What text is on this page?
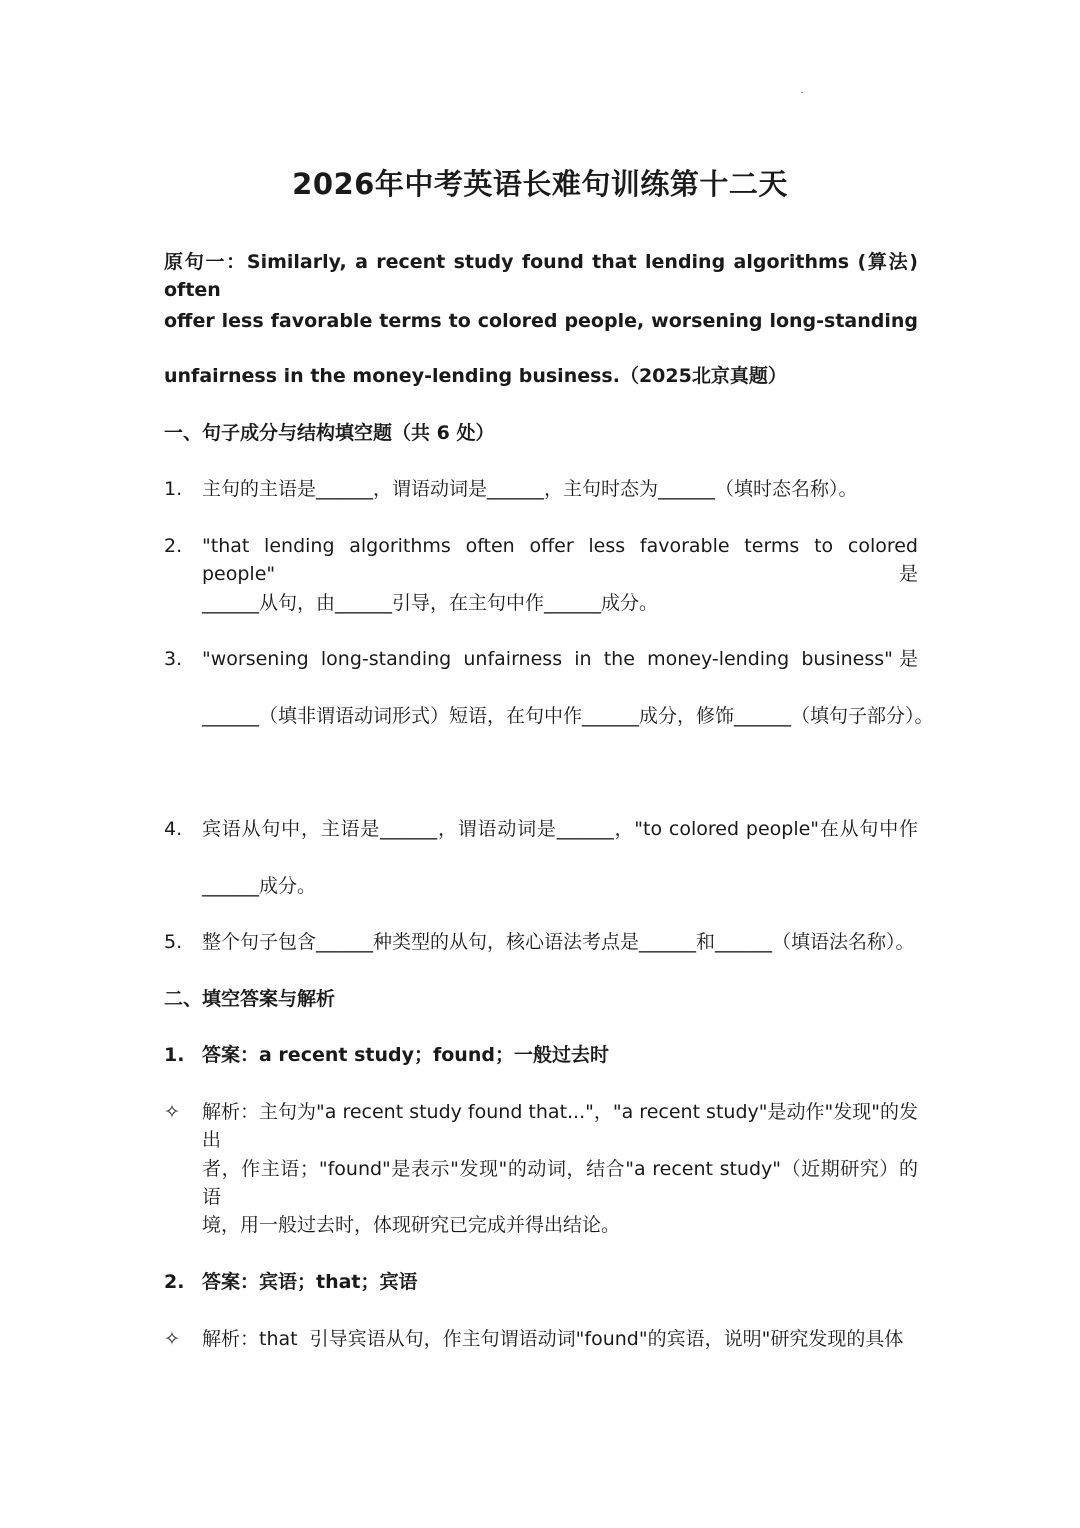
2026年中考英语长难句训练第十二天
原句一：Similarly, a recent study found that lending algorithms (算法) often
offer less favorable terms to colored people, worsening long-standing
unfairness in the money-lending business.（2025北京真题）
一、句子成分与结构填空题（共 6 处）
1. 主句的主语是______，谓语动词是______，主句时态为______（填时态名称）。
2. "that lending algorithms often offer less favorable terms to colored people"是
______从句，由______引导，在主句中作______成分。
3. "worsening long-standing unfairness in the money-lending business"是
______（填非谓语动词形式）短语，在句中作______成分，修饰______（填句子部分）。
4. 宾语从句中，主语是______，谓语动词是______，"to colored people"在从句中作
______成分。
5. 整个句子包含______种类型的从句，核心语法考点是______和______（填语法名称）。
二、填空答案与解析
1. 答案：a recent study；found；一般过去时
✧ 解析：主句为"a recent study found that..."，"a recent study"是动作"发现"的发出
者，作主语；"found"是表示"发现"的动词，结合"a recent study"（近期研究）的语
境，用一般过去时，体现研究已完成并得出结论。
2. 答案：宾语；that；宾语
✧ 解析：that  引导宾语从句，作主句谓语动词"found"的宾语，说明"研究发现的具体
